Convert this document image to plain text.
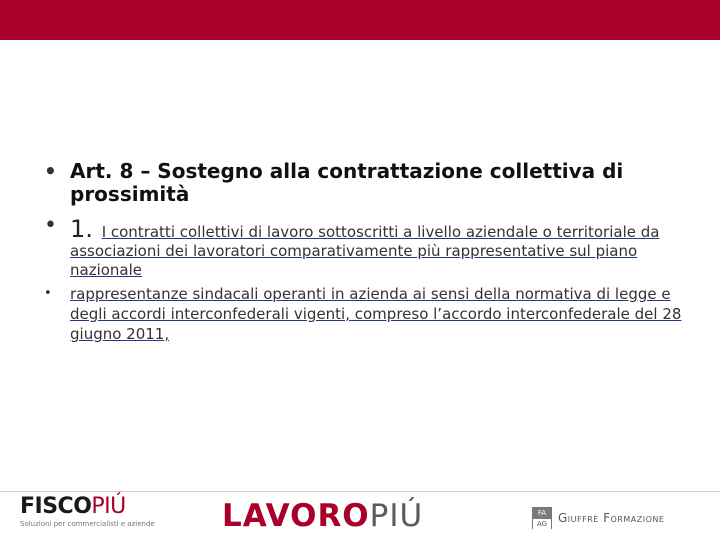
• Art. 8 – Sostegno alla contrattazione collettiva di prossimità
• 1. I contratti collettivi di lavoro sottoscritti a livello aziendale o territoriale da associazioni dei lavoratori comparativamente più rappresentative sul piano nazionale
• rappresentanze sindacali operanti in azienda ai sensi della normativa di legge e degli accordi interconfederali vigenti, compreso l’accordo interconfederale del 28 giugno 2011,
FISCOPIÚ
Soluzioni per commercialisti e aziende LAVOROPIÚ	FA
AG Giuffrè Formazione
